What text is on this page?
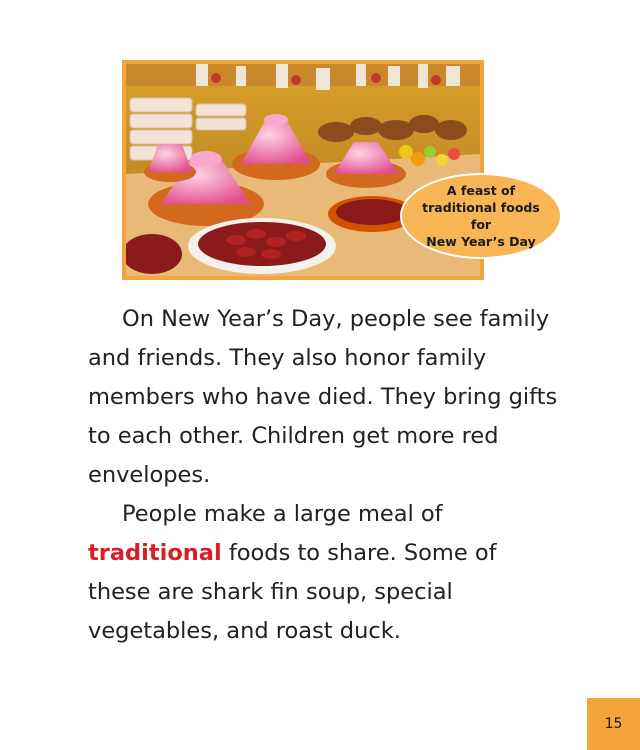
A feast of
traditional foods for
New Year’s Day

On New Year’s Day, people see family and friends. They also honor family members who have died. They bring gifts to each other. Children get more red envelopes.

People make a large meal of traditional foods to share. Some of these are shark fin soup, special vegetables, and roast duck.

15
